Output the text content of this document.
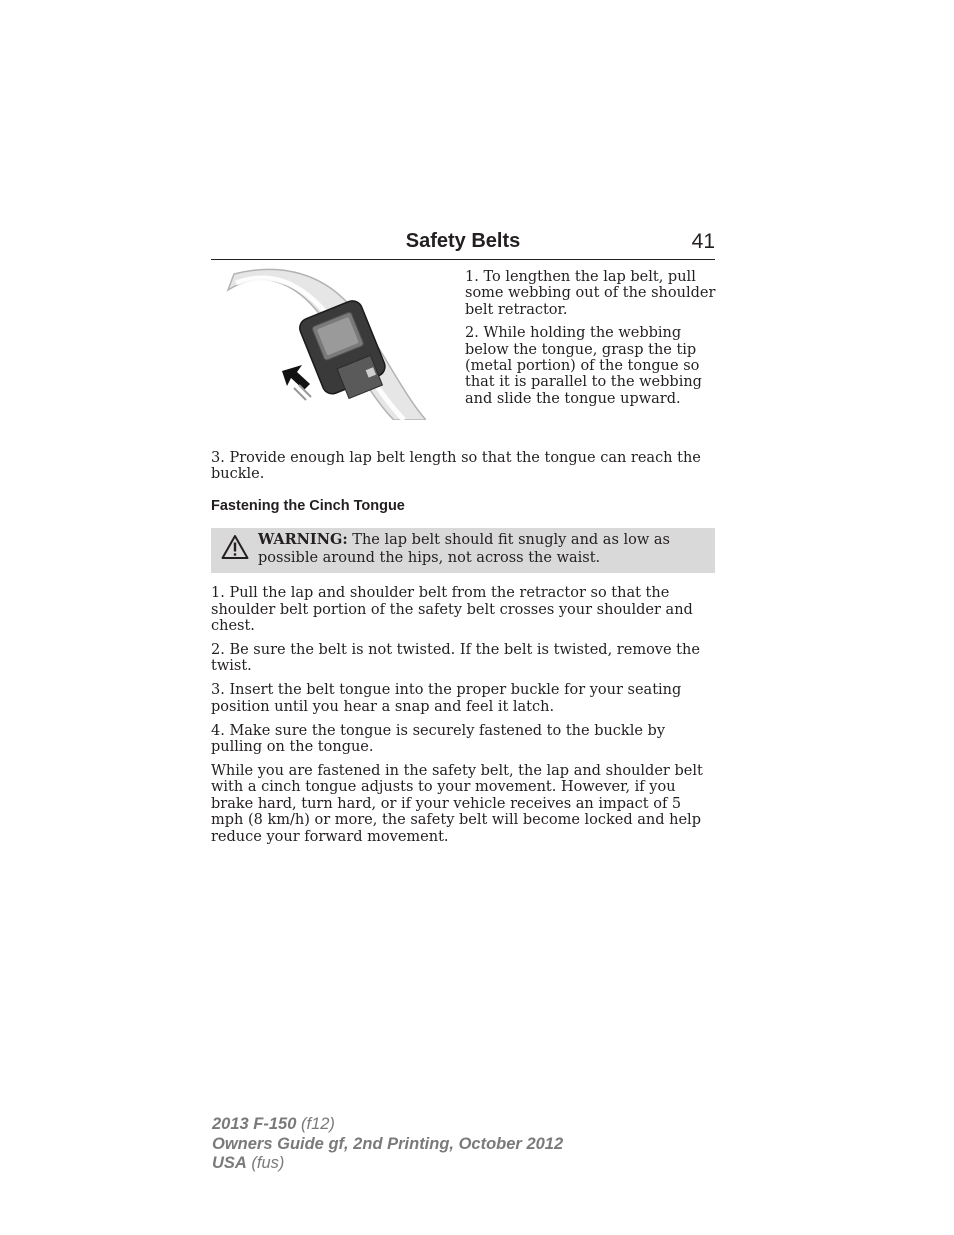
Safety Belts	41

1. To lengthen the lap belt, pull some webbing out of the shoulder belt retractor.

2. While holding the webbing below the tongue, grasp the tip (metal portion) of the tongue so that it is parallel to the webbing and slide the tongue upward.

3. Provide enough lap belt length so that the tongue can reach the buckle.

Fastening the Cinch Tongue
WARNING: The lap belt should fit snugly and as low as possible around the hips, not across the waist.

1. Pull the lap and shoulder belt from the retractor so that the shoulder belt portion of the safety belt crosses your shoulder and chest.

2. Be sure the belt is not twisted. If the belt is twisted, remove the twist.

3. Insert the belt tongue into the proper buckle for your seating position until you hear a snap and feel it latch.

4. Make sure the tongue is securely fastened to the buckle by pulling on the tongue.

While you are fastened in the safety belt, the lap and shoulder belt with a cinch tongue adjusts to your movement. However, if you brake hard, turn hard, or if your vehicle receives an impact of 5 mph (8 km/h) or more, the safety belt will become locked and help reduce your forward movement.

2013 F-150 (f12)
Owners Guide gf, 2nd Printing, October 2012
USA (fus)
